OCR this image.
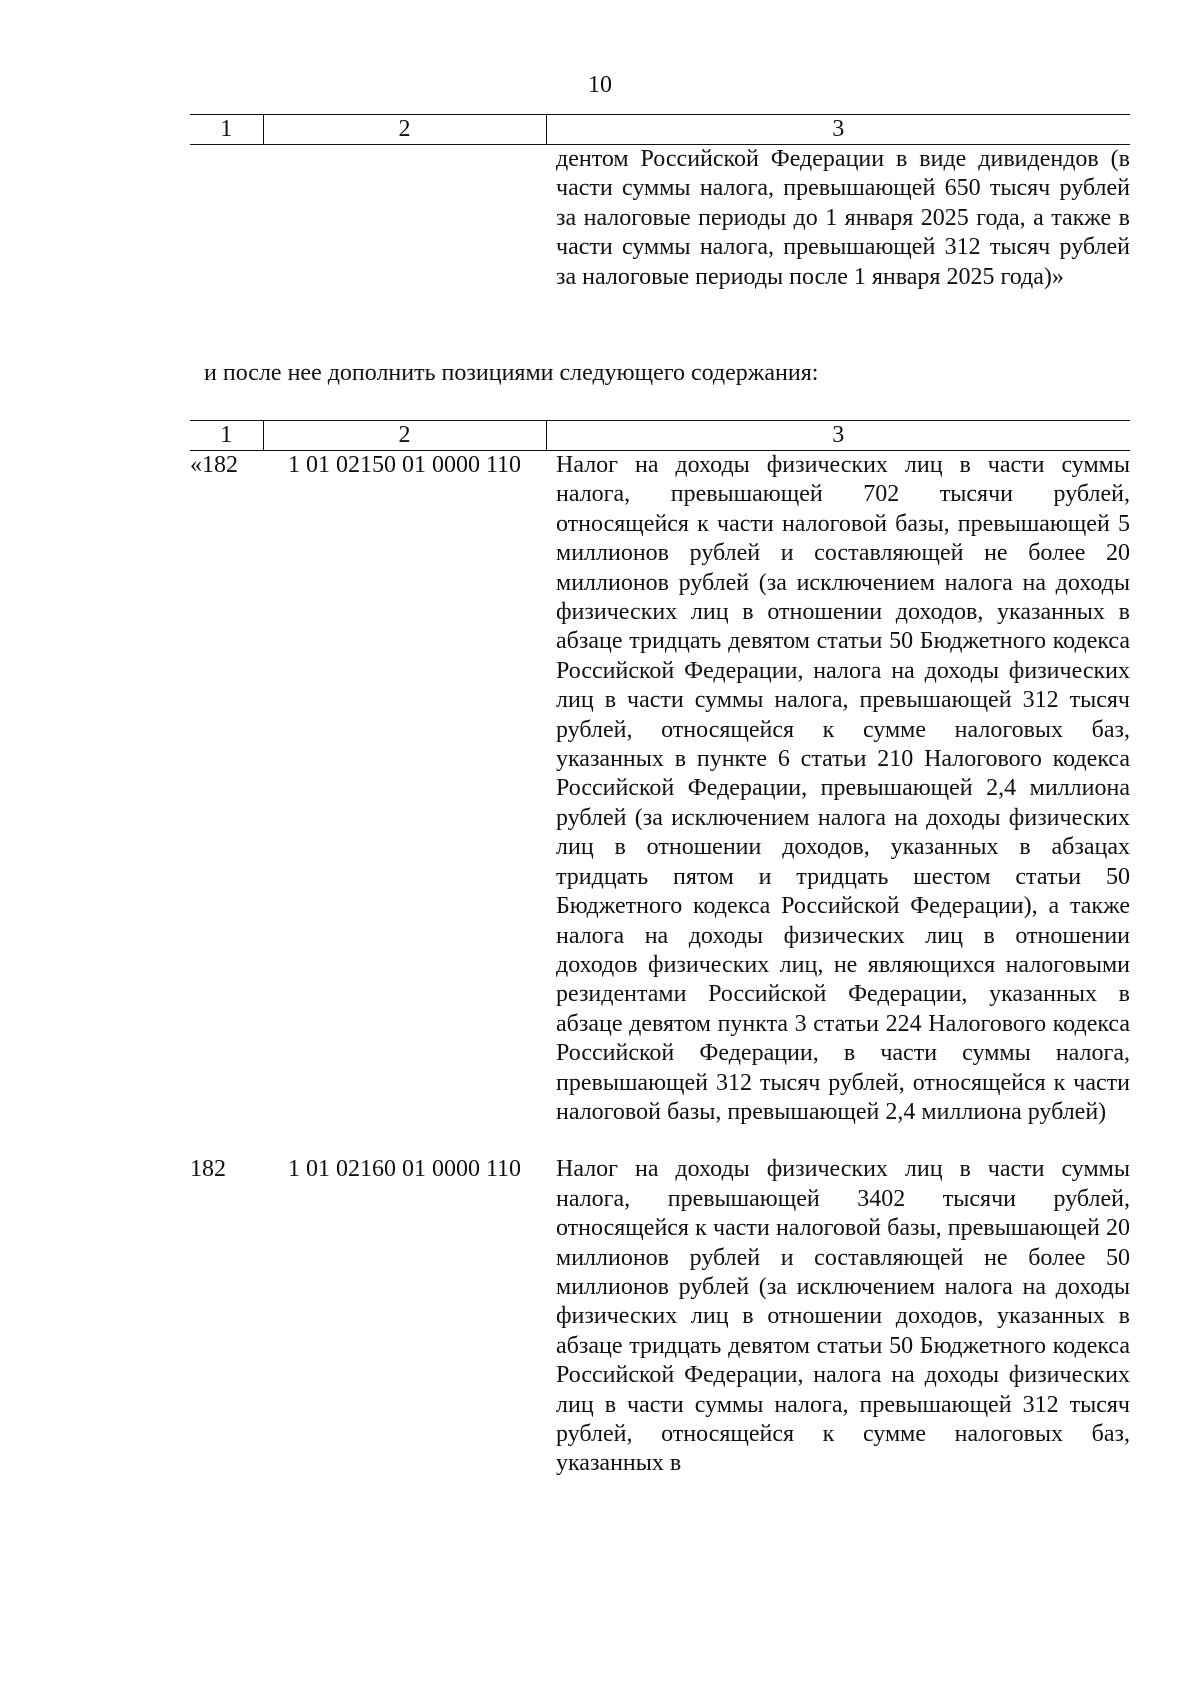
10
1	2	3
		дентом Российской Федерации в виде дивидендов (в части суммы налога, превышающей 650 тысяч рублей за налоговые периоды до 1 января 2025 года, а также в части суммы налога, превышающей 312 тысяч рублей за налоговые периоды после 1 января 2025 года)»
и после нее дополнить позициями следующего содержания:
1	2	3
«182	1 01 02150 01 0000 110	Налог на доходы физических лиц в части суммы налога, превышающей 702 тысячи рублей, относящейся к части налоговой базы, превышающей 5 миллионов рублей и составляющей не более 20 миллионов рублей (за исключением налога на доходы физических лиц в отношении доходов, указанных в абзаце тридцать девятом статьи 50 Бюджетного кодекса Российской Федерации, налога на доходы физических лиц в части суммы налога, превышающей 312 тысяч рублей, относящейся к сумме налоговых баз, указанных в пункте 6 статьи 210 Налогового кодекса Российской Федерации, превышающей 2,4 миллиона рублей (за исключением налога на доходы физических лиц в отношении доходов, указанных в абзацах тридцать пятом и тридцать шестом статьи 50 Бюджетного кодекса Российской Федерации), а также налога на доходы физических лиц в отношении доходов физических лиц, не являющихся налоговыми резидентами Российской Федерации, указанных в абзаце девятом пункта 3 статьи 224 Налогового кодекса Российской Федерации, в части суммы налога, превышающей 312 тысяч рублей, относящейся к части налоговой базы, превышающей 2,4 миллиона рублей)

182	1 01 02160 01 0000 110	Налог на доходы физических лиц в части суммы налога, превышающей 3402 тысячи рублей, относящейся к части налоговой базы, превышающей 20 миллионов рублей и составляющей не более 50 миллионов рублей (за исключением налога на доходы физических лиц в отношении доходов, указанных в абзаце тридцать девятом статьи 50 Бюджетного кодекса Российской Федерации, налога на доходы физических лиц в части суммы налога, превышающей 312 тысяч рублей, относящейся к сумме налоговых баз, указанных в
